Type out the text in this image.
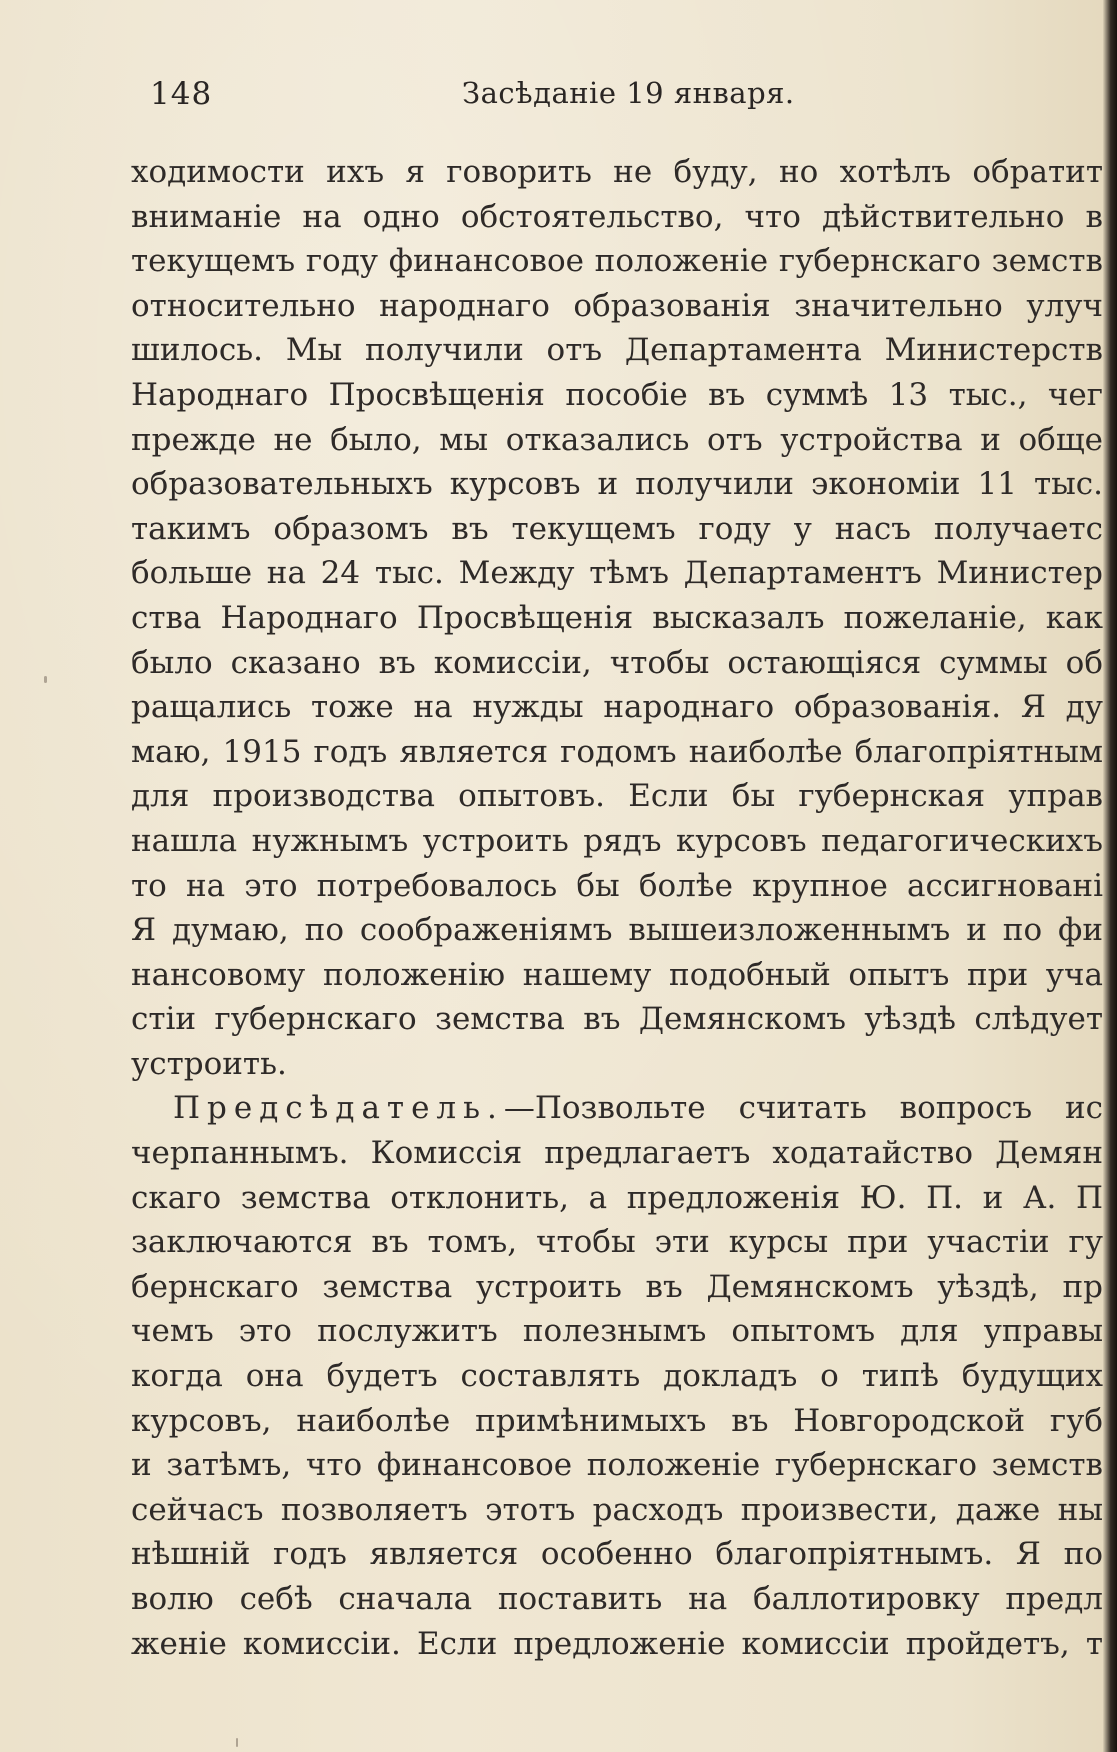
148	Засѣданіе 19 января.
ходимости ихъ я говорить не буду, но хотѣлъ обратит
вниманіе на одно обстоятельство, что дѣйствительно в
текущемъ году финансовое положеніе губернскаго земств
относительно народнаго образованія значительно улуч
шилось. Мы получили отъ Департамента Министерств
Народнаго Просвѣщенія пособіе въ суммѣ 13 тыс., чег
прежде не было, мы отказались отъ устройства и обще
образовательныхъ курсовъ и получили экономіи 11 тыс.
такимъ образомъ въ текущемъ году у насъ получаетс
больше на 24 тыс. Между тѣмъ Департаментъ Министер
ства Народнаго Просвѣщенія высказалъ пожеланіе, как
было сказано въ комиссіи, чтобы остающіяся суммы об
ращались тоже на нужды народнаго образованія. Я ду
маю, 1915 годъ является годомъ наиболѣе благопріятным
для производства опытовъ. Если бы губернская управ
нашла нужнымъ устроить рядъ курсовъ педагогическихъ
то на это потребовалось бы болѣе крупное ассигновані
Я думаю, по соображеніямъ вышеизложеннымъ и по фи
нансовому положенію нашему подобный опытъ при уча
стіи губернскаго земства въ Демянскомъ уѣздѣ слѣдует
устроить.
Предсѣдатель.—Позвольте считать вопросъ ис
черпаннымъ. Комиссія предлагаетъ ходатайство Демян
скаго земства отклонить, а предложенія Ю. П. и А. П
заключаются въ томъ, чтобы эти курсы при участіи гу
бернскаго земства устроить въ Демянскомъ уѣздѣ, пр
чемъ это послужитъ полезнымъ опытомъ для управы
когда она будетъ составлять докладъ о типѣ будущих
курсовъ, наиболѣе примѣнимыхъ въ Новгородской губ
и затѣмъ, что финансовое положеніе губернскаго земств
сейчасъ позволяетъ этотъ расходъ произвести, даже ны
нѣшній годъ является особенно благопріятнымъ. Я по
волю себѣ сначала поставить на баллотировку предл
женіе комиссіи. Если предложеніе комиссіи пройдетъ, т
